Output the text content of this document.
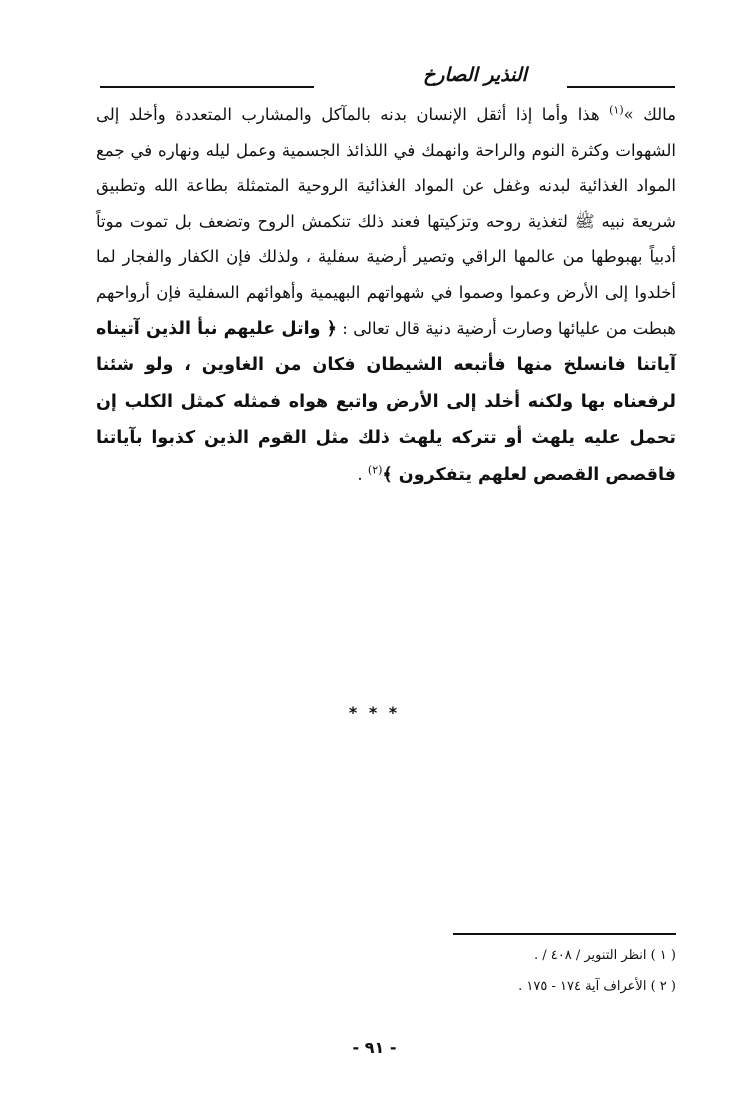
النذير الصارخ

مالك »$^{(١)}$ هذا وأما إذا أثقل الإنسان بدنه بالمآكل والمشارب المتعددة وأخلد إلى الشهوات وكثرة النوم والراحة وانهمك في اللذائذ الجسمية وعمل ليله ونهاره في جمع المواد الغذائية لبدنه وغفل عن المواد الغذائية الروحية المتمثلة بطاعة الله وتطبيق شريعة نبيه ﷺ لتغذية روحه وتزكيتها فعند ذلك تنكمش الروح وتضعف بل تموت موتاً أدبياً بهبوطها من عالمها الراقي وتصير أرضية سفلية ، ولذلك فإن الكفار والفجار لما أخلدوا إلى الأرض وعموا وصموا في شهواتهم البهيمية وأهوائهم السفلية فإن أرواحهم هبطت من عليائها وصارت أرضية دنية قال تعالى : ﴿ واتل عليهم نبأ الذين آتيناه آياتنا فانسلخ منها فأتبعه الشيطان فكان من الغاوين ، ولو شئنا لرفعناه بها ولكنه أخلد إلى الأرض واتبع هواه فمثله كمثل الكلب إن تحمل عليه يلهث أو تتركه يلهث ذلك مثل القوم الذين كذبوا بآياتنا فاقصص القصص لعلهم يتفكرون ﴾$^{(٢)}$ .

* * *
( ١ ) انظر التنوير / ٤٠٨ / .
( ٢ ) الأعراف آية ١٧٤ - ١٧٥ .
- ٩١ -
